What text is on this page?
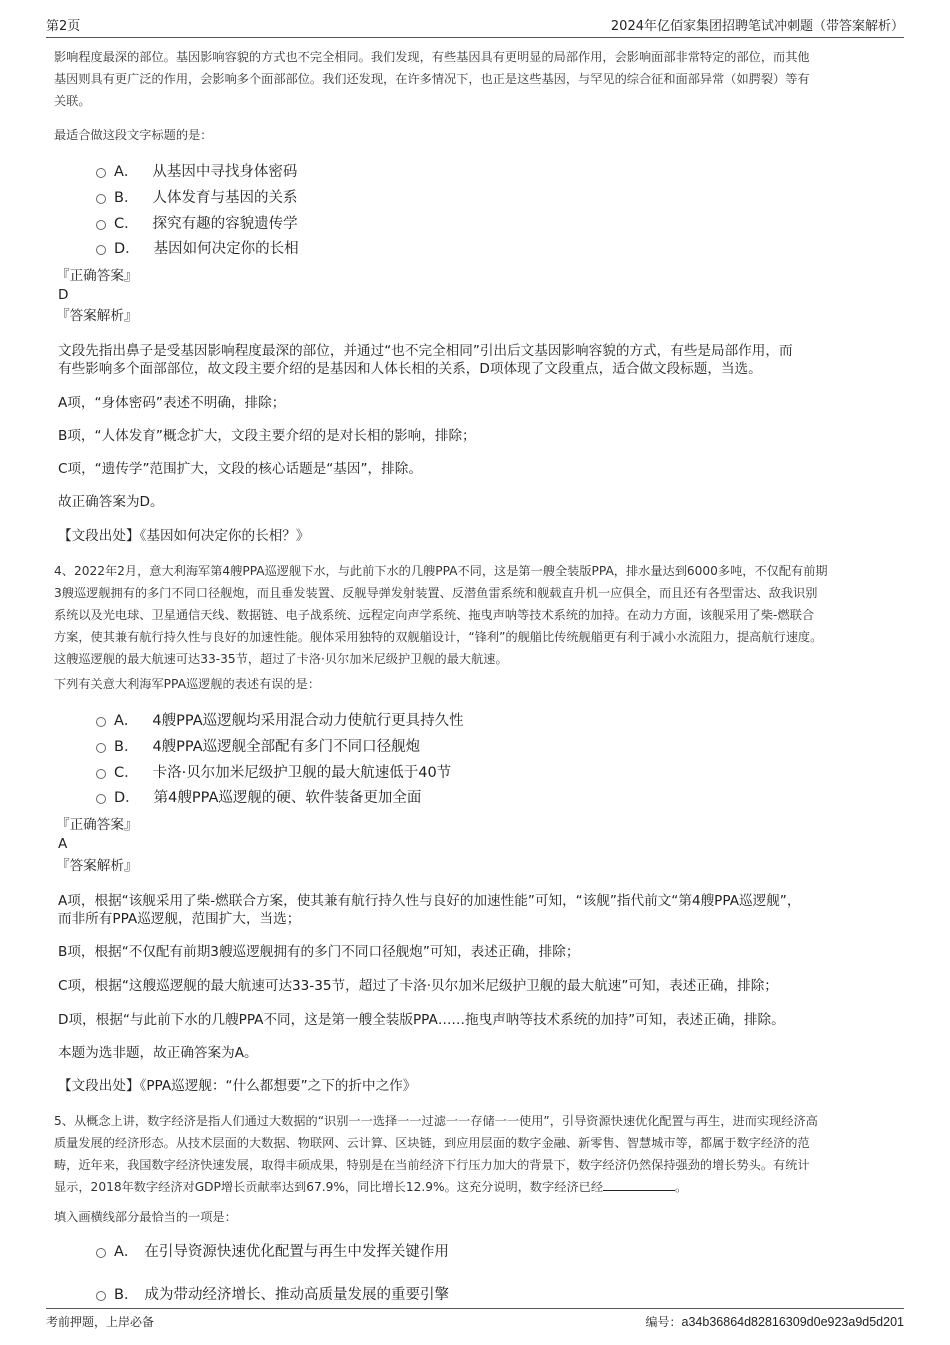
第2页	2024年亿佰家集团招聘笔试冲刺题（带答案解析）
影响程度最深的部位。基因影响容貌的方式也不完全相同。我们发现，有些基因具有更明显的局部作用，会影响面部非常特定的部位，而其他
基因则具有更广泛的作用，会影响多个面部部位。我们还发现，在许多情况下，也正是这些基因，与罕见的综合征和面部异常（如腭裂）等有
关联。
最适合做这段文字标题的是：
A． 从基因中寻找身体密码
B． 人体发育与基因的关系
C． 探究有趣的容貌遗传学
D． 基因如何决定你的长相
『正确答案』
D
『答案解析』
文段先指出鼻子是受基因影响程度最深的部位，并通过“也不完全相同”引出后文基因影响容貌的方式，有些是局部作用，而
有些影响多个面部部位，故文段主要介绍的是基因和人体长相的关系，D项体现了文段重点，适合做文段标题，当选。
A项，“身体密码”表述不明确，排除；
B项，“人体发育”概念扩大，文段主要介绍的是对长相的影响，排除；
C项，“遗传学”范围扩大，文段的核心话题是“基因”，排除。
故正确答案为D。
【文段出处】《基因如何决定你的长相？》
4、2022年2月，意大利海军第4艘PPA巡逻舰下水，与此前下水的几艘PPA不同，这是第一艘全装版PPA，排水量达到6000多吨，不仅配有前期
3艘巡逻舰拥有的多门不同口径舰炮，而且垂发装置、反舰导弹发射装置、反潜鱼雷系统和舰载直升机一应俱全，而且还有各型雷达、敌我识别
系统以及光电球、卫星通信天线、数据链、电子战系统、远程定向声学系统、拖曳声呐等技术系统的加持。在动力方面，该舰采用了柴-燃联合
方案，使其兼有航行持久性与良好的加速性能。舰体采用独特的双舰艏设计，“锋利”的舰艏比传统舰艏更有利于减小水流阻力，提高航行速度。
这艘巡逻舰的最大航速可达33-35节，超过了卡洛·贝尔加米尼级护卫舰的最大航速。
下列有关意大利海军PPA巡逻舰的表述有误的是：
A． 4艘PPA巡逻舰均采用混合动力使航行更具持久性
B． 4艘PPA巡逻舰全部配有多门不同口径舰炮
C． 卡洛·贝尔加米尼级护卫舰的最大航速低于40节
D． 第4艘PPA巡逻舰的硬、软件装备更加全面
『正确答案』
A
『答案解析』
A项，根据“该舰采用了柴-燃联合方案，使其兼有航行持久性与良好的加速性能”可知，“该舰”指代前文“第4艘PPA巡逻舰”，
而非所有PPA巡逻舰，范围扩大，当选；
B项，根据“不仅配有前期3艘巡逻舰拥有的多门不同口径舰炮”可知，表述正确，排除；
C项，根据“这艘巡逻舰的最大航速可达33-35节，超过了卡洛·贝尔加米尼级护卫舰的最大航速”可知，表述正确，排除；
D项，根据“与此前下水的几艘PPA不同，这是第一艘全装版PPA……拖曳声呐等技术系统的加持”可知，表述正确，排除。
本题为选非题，故正确答案为A。
【文段出处】《PPA巡逻舰：“什么都想要”之下的折中之作》
5、从概念上讲，数字经济是指人们通过大数据的“识别一一选择一一过滤一一存储一一使用”，引导资源快速优化配置与再生，进而实现经济高
质量发展的经济形态。从技术层面的大数据、物联网、云计算、区块链，到应用层面的数字金融、新零售、智慧城市等，都属于数字经济的范
畴，近年来，我国数字经济快速发展，取得丰硕成果，特别是在当前经济下行压力加大的背景下，数字经济仍然保持强劲的增长势头。有统计
显示，2018年数字经济对GDP增长贡献率达到67.9%，同比增长12.9%。这充分说明，数字经济已经	。
填入画横线部分最恰当的一项是：
A． 在引导资源快速优化配置与再生中发挥关键作用
B． 成为带动经济增长、推动高质量发展的重要引擎
考前押题，上岸必备	编号：a34b36864d82816309d0e923a9d5d201
